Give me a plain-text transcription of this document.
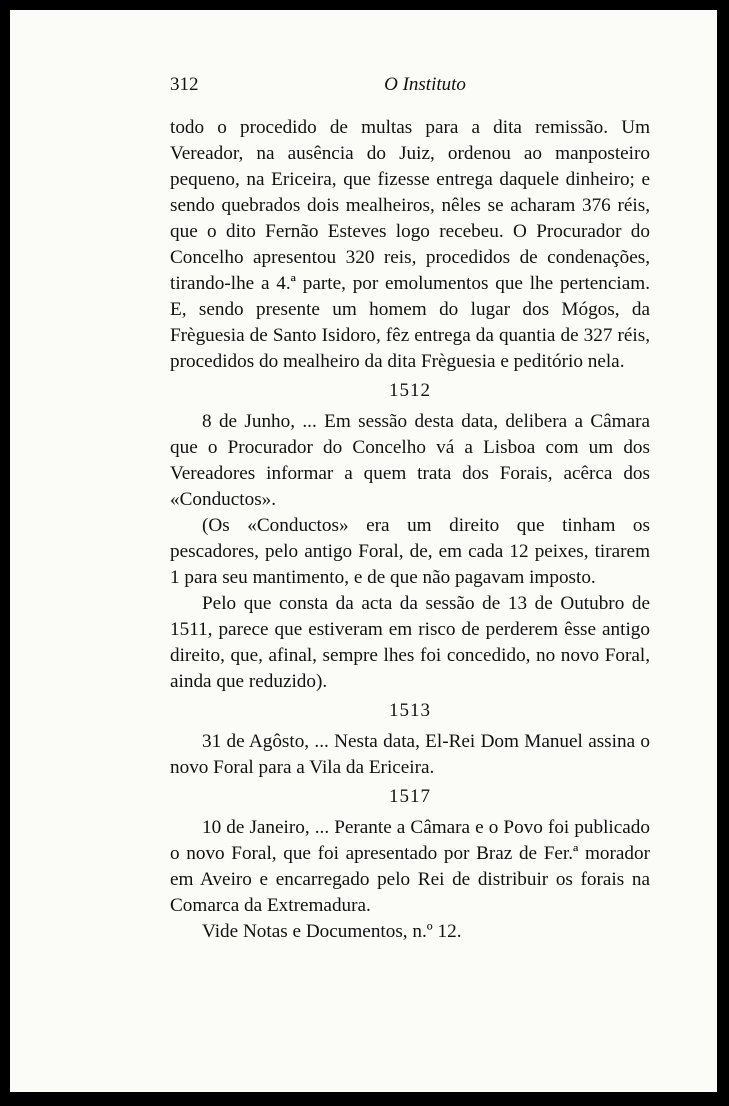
312	O Instituto

todo o procedido de multas para a dita remissão. Um Vereador, na ausência do Juiz, ordenou ao manposteiro pequeno, na Ericeira, que fizesse entrega daquele dinheiro; e sendo quebrados dois mealheiros, nêles se acharam 376 réis, que o dito Fernão Esteves logo recebeu. O Procurador do Concelho apresentou 320 reis, procedidos de condenações, tirando-lhe a 4.ª parte, por emolumentos que lhe pertenciam. E, sendo presente um homem do lugar dos Mógos, da Frèguesia de Santo Isidoro, fêz entrega da quantia de 327 réis, procedidos do mealheiro da dita Frèguesia e peditório nela.

1512

8 de Junho, ... Em sessão desta data, delibera a Câmara que o Procurador do Concelho vá a Lisboa com um dos Vereadores informar a quem trata dos Forais, acêrca dos «Conductos».

(Os «Conductos» era um direito que tinham os pescadores, pelo antigo Foral, de, em cada 12 peixes, tirarem 1 para seu mantimento, e de que não pagavam imposto.

Pelo que consta da acta da sessão de 13 de Outubro de 1511, parece que estiveram em risco de perderem êsse antigo direito, que, afinal, sempre lhes foi concedido, no novo Foral, ainda que reduzido).

1513

31 de Agôsto, ... Nesta data, El-Rei Dom Manuel assina o novo Foral para a Vila da Ericeira.

1517

10 de Janeiro, ... Perante a Câmara e o Povo foi publicado o novo Foral, que foi apresentado por Braz de Fer.ª morador em Aveiro e encarregado pelo Rei de distribuir os forais na Comarca da Extremadura.

Vide Notas e Documentos, n.º 12.
